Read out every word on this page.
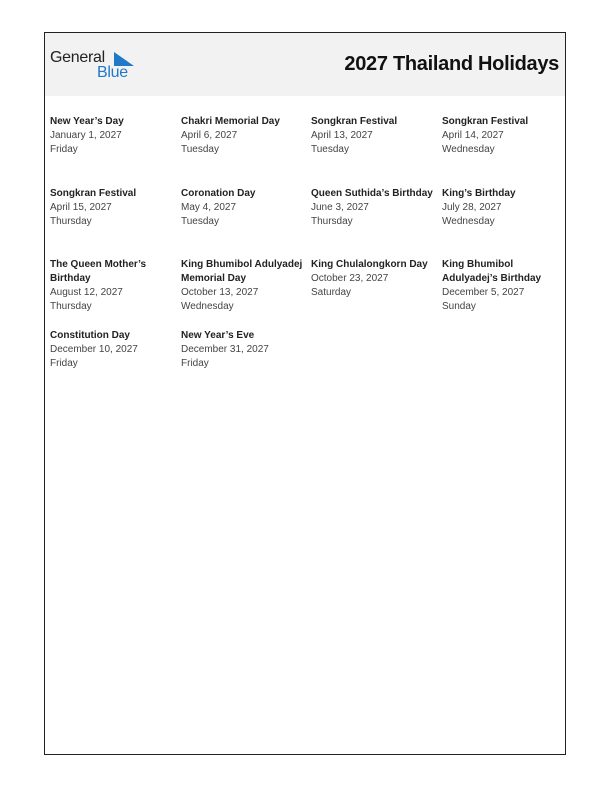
General
Blue	2027 Thailand Holidays
New Year’s Day
January 1, 2027
Friday
Chakri Memorial Day
April 6, 2027
Tuesday
Songkran Festival
April 13, 2027
Tuesday
Songkran Festival
April 14, 2027
Wednesday
Songkran Festival
April 15, 2027
Thursday
Coronation Day
May 4, 2027
Tuesday
Queen Suthida’s Birthday
June 3, 2027
Thursday
King’s Birthday
July 28, 2027
Wednesday
The Queen Mother’s Birthday
August 12, 2027
Thursday
King Bhumibol Adulyadej Memorial Day
October 13, 2027
Wednesday
King Chulalongkorn Day
October 23, 2027
Saturday
King Bhumibol Adulyadej’s Birthday
December 5, 2027
Sunday
Constitution Day
December 10, 2027
Friday
New Year’s Eve
December 31, 2027
Friday
